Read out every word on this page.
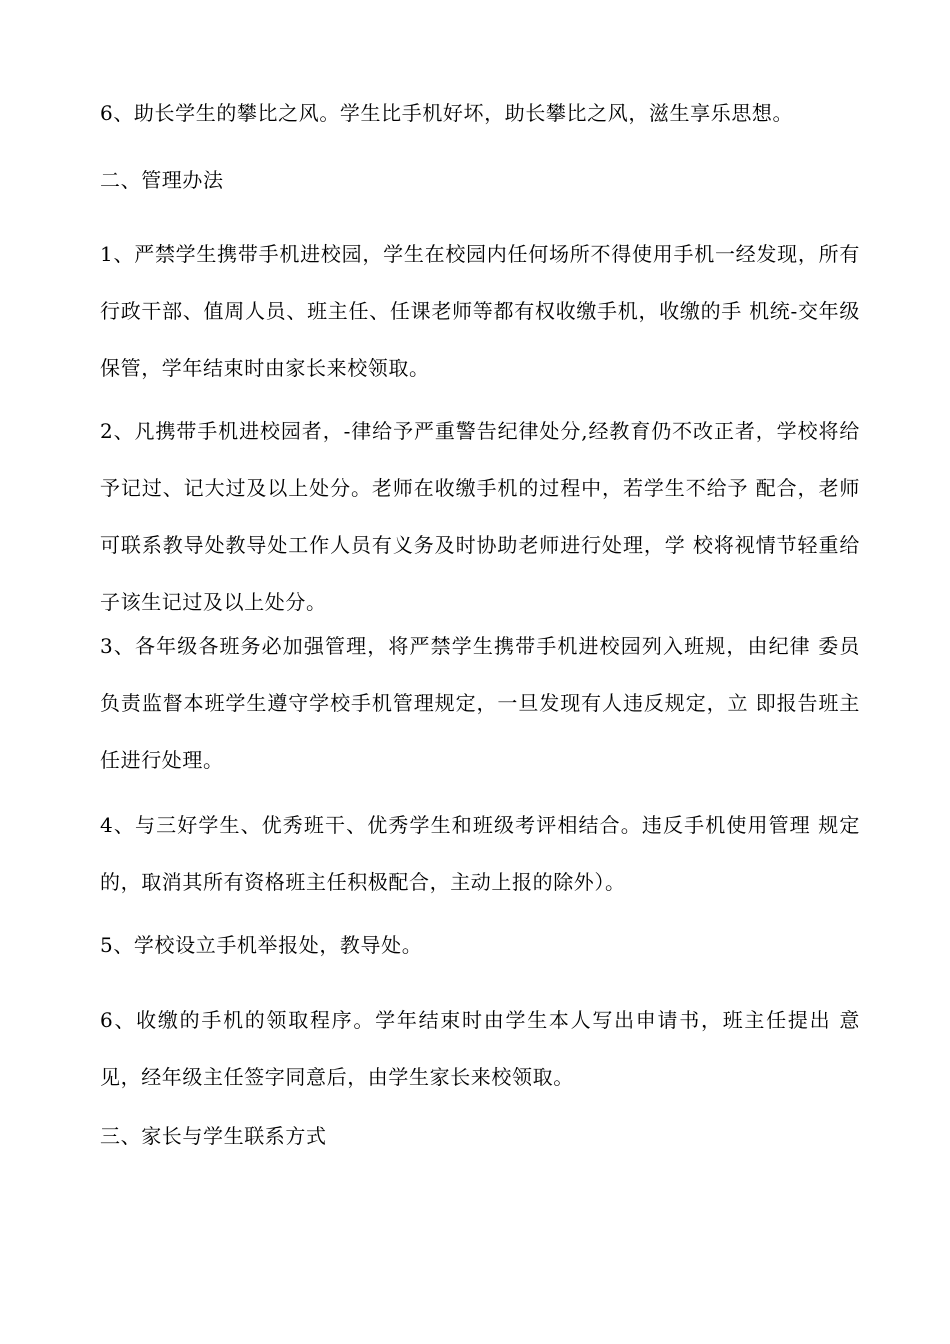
6、助长学生的攀比之风。学生比手机好坏，助长攀比之风，滋生享乐思想。

二、管理办法

1、严禁学生携带手机进校园，学生在校园内任何场所不得使用手机一经发现，所有行政干部、值周人员、班主任、任课老师等都有权收缴手机，收缴的手 机统-交年级保管，学年结束时由家长来校领取。

2、凡携带手机进校园者，-律给予严重警告纪律处分,经教育仍不改正者，学校将给予记过、记大过及以上处分。老师在收缴手机的过程中，若学生不给予 配合，老师可联系教导处教导处工作人员有义务及时协助老师进行处理，学 校将视情节轻重给子该生记过及以上处分。

3、各年级各班务必加强管理，将严禁学生携带手机进校园列入班规，由纪律 委员负责监督本班学生遵守学校手机管理规定，一旦发现有人违反规定，立 即报告班主任进行处理。

4、与三好学生、优秀班干、优秀学生和班级考评相结合。违反手机使用管理 规定的，取消其所有资格班主任积极配合，主动上报的除外）。

5、学校设立手机举报处，教导处。

6、收缴的手机的领取程序。学年结束时由学生本人写出申请书，班主任提出 意见，经年级主任签字同意后，由学生家长来校领取。

三、家长与学生联系方式
